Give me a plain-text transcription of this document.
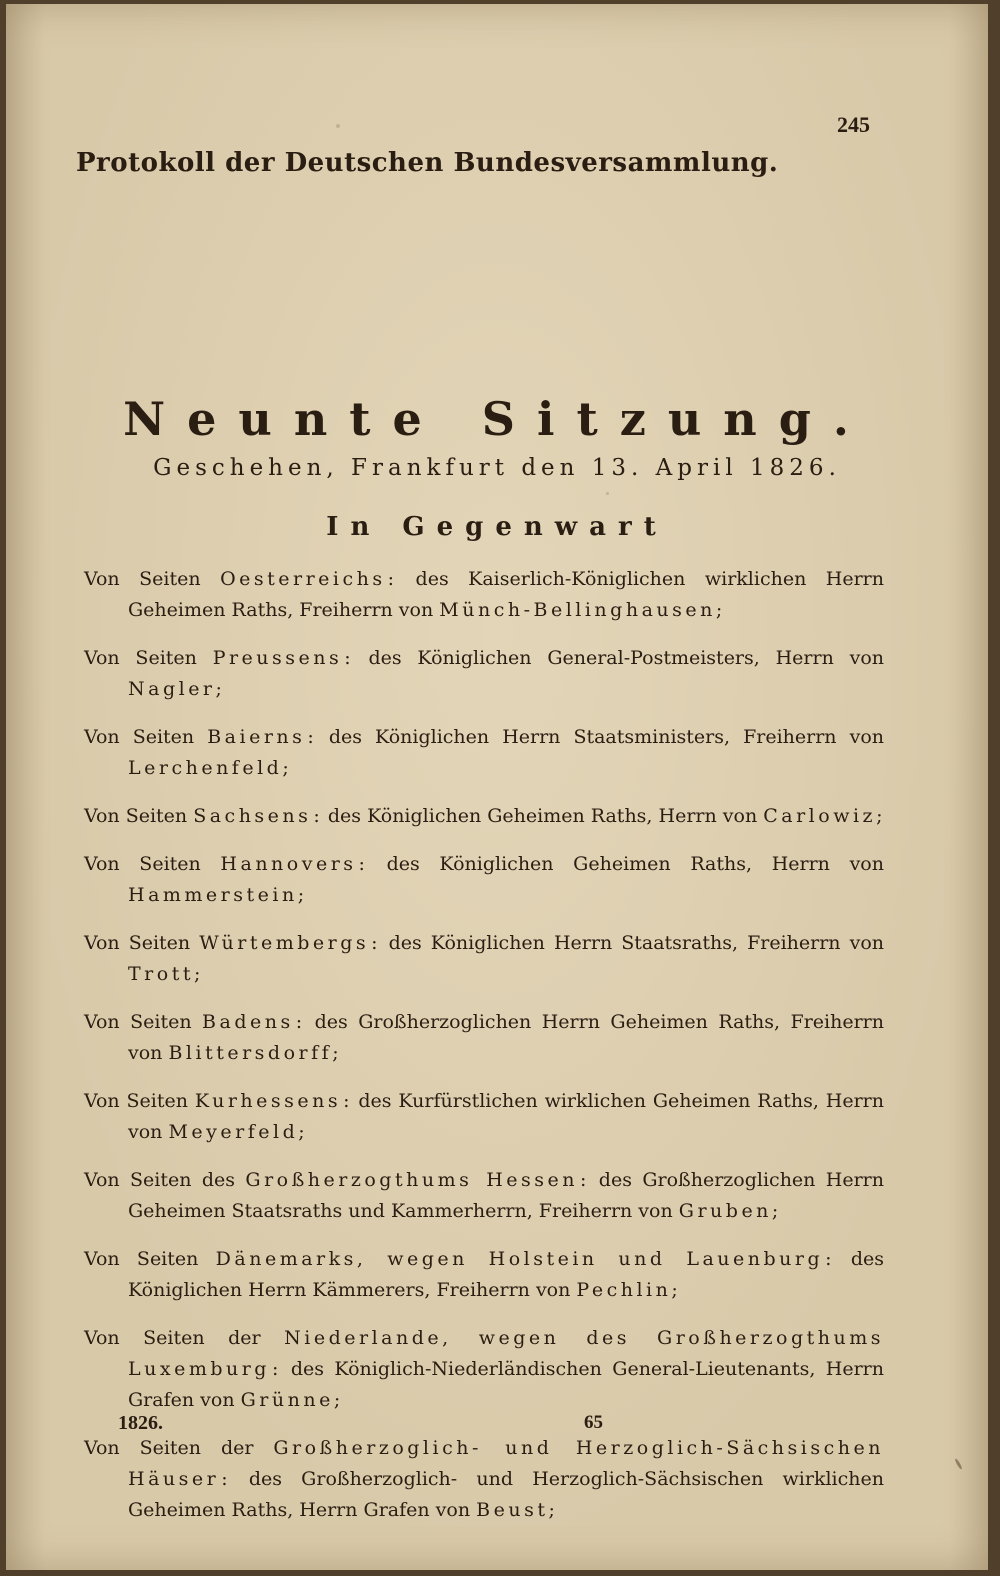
245
Protokoll der Deutschen Bundesversammlung.
Neunte Sitzung.
Geschehen, Frankfurt den 13. April 1826.
In Gegenwart
Von Seiten Oesterreichs : des Kaiserlich-Königlichen wirklichen Herrn Geheimen Raths, Freiherrn von Münch-Bellinghausen;
Von Seiten Preussens : des Königlichen General-Postmeisters, Herrn von Nagler;
Von Seiten Baierns : des Königlichen Herrn Staatsministers, Freiherrn von Lerchenfeld;
Von Seiten Sachsens : des Königlichen Geheimen Raths, Herrn von Carlowiz;
Von Seiten Hannovers : des Königlichen Geheimen Raths, Herrn von Hammerstein;
Von Seiten Würtembergs : des Königlichen Herrn Staatsraths, Freiherrn von Trott;
Von Seiten Badens : des Großherzoglichen Herrn Geheimen Raths, Freiherrn von Blittersdorff;
Von Seiten Kurhessens : des Kurfürstlichen wirklichen Geheimen Raths, Herrn von Meyerfeld;
Von Seiten des Großherzogthums Hessen : des Großherzoglichen Herrn Geheimen Staatsraths und Kammerherrn, Freiherrn von Gruben;
Von Seiten Dänemarks, wegen Holstein und Lauenburg : des Königlichen Herrn Kämmerers, Freiherrn von Pechlin;
Von Seiten der Niederlande, wegen des Großherzogthums Luxemburg : des Königlich-Niederländischen General-Lieutenants, Herrn Grafen von Grünne;
Von Seiten der Großherzoglich- und Herzoglich-Sächsischen Häuser : des Großherzoglich- und Herzoglich-Sächsischen wirklichen Geheimen Raths, Herrn Grafen von Beust;
1826.	65
